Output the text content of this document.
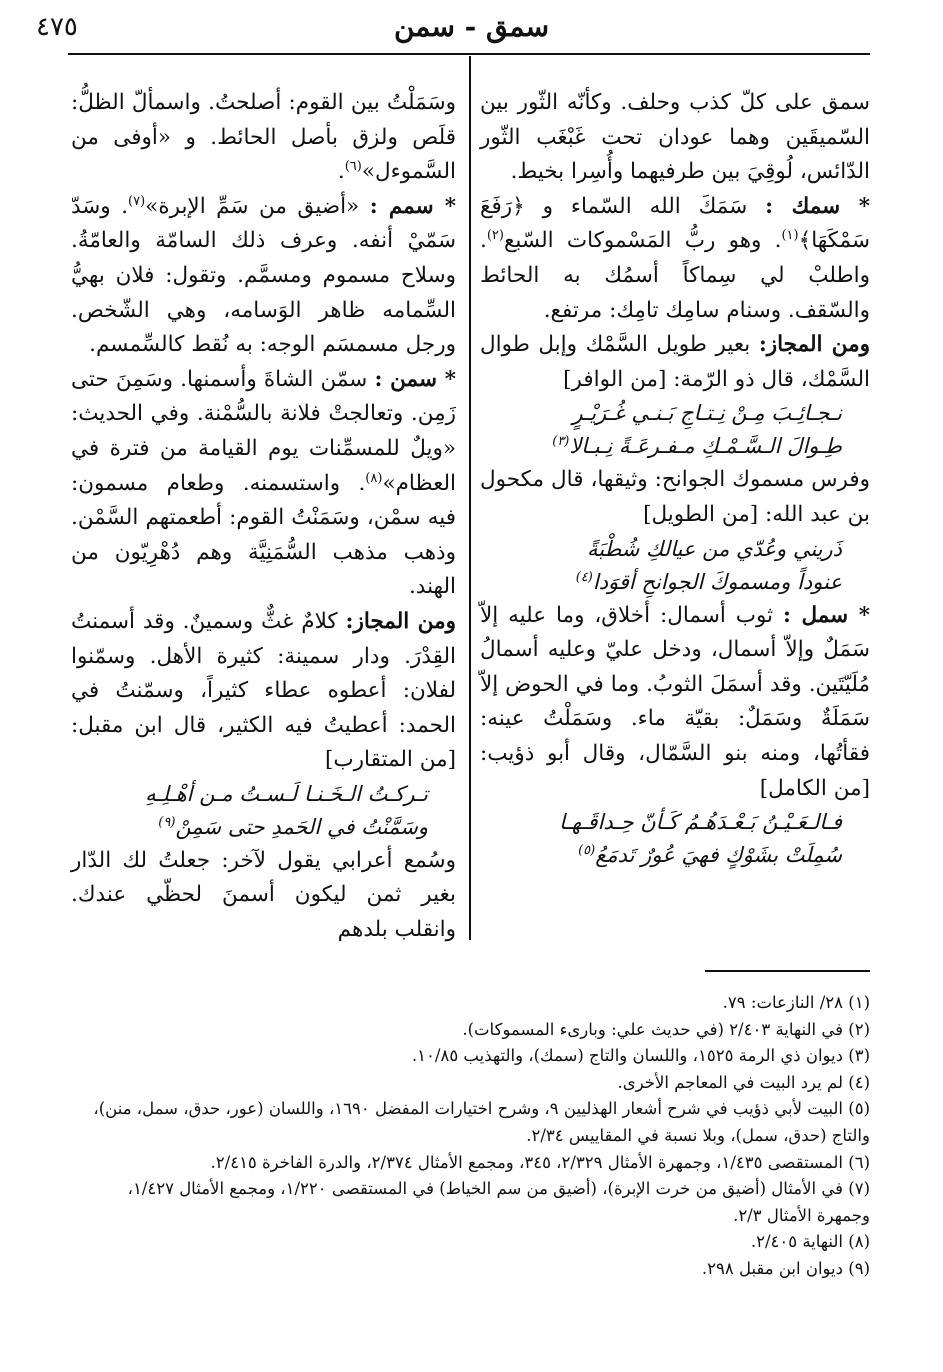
٤٧٥	سمق - سمن

سمق على كلّ كذب وحلف. وكأنّه الثّور بين السّميقَين وهما عودان تحت غَبْغَب الثّور الدّائس، لُوقِيَ بين طرفيهما وأُسِرا بخيط.

* سمك : سَمَكَ الله السّماء و ﴿رَفَعَ سَمْكَهَا﴾$^{(١)}$. وهو ربُّ المَسْموكات السّبع$^{(٢)}$. واطلبْ لي سِماكاً أسمُك به الحائط والسّقف. وسنام سامِك تامِك: مرتفع.

ومن المجاز: بعير طويل السَّمْك وإبل طوال السَّمْك، قال ذو الرّمة: [من الوافر]

نـجـائِـبَ مِـنْ نِـتـاجِ بَـنـي غُـرَيْـرٍ

طِـوالَ الـسَّـمْـكِ مـفـرعَـةً نِـبـالا$^{(٣)}$

وفرس مسموك الجوانح: وثيقها، قال مكحول بن عبد الله: [من الطويل]

ذَريني وعُدّي من عيالكِ شُطْبَةً

عنوداً ومسموكَ الجوانحِ أقوَدا$^{(٤)}$

* سمل : ثوب أسمال: أخلاق، وما عليه إلاّ سَمَلٌ وإلاّ أسمال، ودخل عليّ وعليه أسمالُ مُلَيّتَين. وقد أسمَلَ الثوبُ. وما في الحوض إلاّ سَمَلَةٌ وسَمَلٌ: بقيّة ماء. وسَمَلْتُ عينه: فقأتُها، ومنه بنو السَّمّال، وقال أبو ذؤيب: [من الكامل]

فـالـعَـيْـنُ بَـعْـدَهُـمُ كَـأنّ حِـداقَـهـا

سُمِلَتْ بشَوْكٍ فهيَ عُورٌ تَدمَعُ$^{(٥)}$

وسَمَلْتُ بين القوم: أصلحتُ. واسمألّ الظلُّ: قلَص ولزق بأصل الحائط. و «أوفى من السَّموءل»$^{(٦)}$.

* سمم : «أضيق من سَمِّ الإبرة»$^{(٧)}$. وسَدّ سَمّيْ أنفه. وعرف ذلك السامّة والعامّةُ. وسلاح مسموم ومسمَّم. وتقول: فلان بهيُّ السِّمامه ظاهر الوَسامه، وهي الشّخص. ورجل مسمسَم الوجه: به نُقط كالسِّمسم.

* سمن : سمّن الشاةَ وأسمنها. وسَمِنَ حتى زَمِن. وتعالجتْ فلانة بالسُّمْنة. وفي الحديث: «ويلٌ للمسمِّنات يوم القيامة من فترة في العظام»$^{(٨)}$. واستسمنه. وطعام مسمون: فيه سمْن، وسَمَنْتُ القوم: أطعمتهم السَّمْن. وذهب مذهب السُّمَنِيَّة وهم دُهْرِيّون من الهند.

ومن المجاز: كلامٌ غثٌّ وسمينٌ. وقد أسمنتُ القِدْرَ. ودار سمينة: كثيرة الأهل. وسمّنوا لفلان: أعطوه عطاء كثيراً، وسمّنتُ في الحمد: أعطيتُ فيه الكثير، قال ابن مقبل: [من المتقارب]

تـركـتُ الـخَـنـا لَـسـتُ مـن أهْـلِـهِ

وسَمَّنْتُ في الحَمدِ حتى سَمِنْ$^{(٩)}$

وسُمع أعرابي يقول لآخر: جعلتُ لك الدّار بغير ثمن ليكون أسمنَ لحظّي عندك. وانقلب بلدهم

(١) ٢٨/ النازعات: ٧٩.

(٢) في النهاية ٢/٤٠٣ (في حديث علي: وبارىء المسموكات).

(٣) ديوان ذي الرمة ١٥٢٥، واللسان والتاج (سمك)، والتهذيب ١٠/٨٥.

(٤) لم يرد البيت في المعاجم الأخرى.

(٥) البيت لأبي ذؤيب في شرح أشعار الهذليين ٩، وشرح اختيارات المفضل ١٦٩٠، واللسان (عور، حدق، سمل، منن)، والتاج (حدق، سمل)، وبلا نسبة في المقاييس ٢/٣٤.

(٦) المستقصى ١/٤٣٥، وجمهرة الأمثال ٢/٣٢٩، ٣٤٥، ومجمع الأمثال ٢/٣٧٤، والدرة الفاخرة ٢/٤١٥.

(٧) في الأمثال (أضيق من خرت الإبرة)، (أضيق من سم الخياط) في المستقصى ١/٢٢٠، ومجمع الأمثال ١/٤٢٧، وجمهرة الأمثال ٢/٣.

(٨) النهاية ٢/٤٠٥.

(٩) ديوان ابن مقبل ٢٩٨.
